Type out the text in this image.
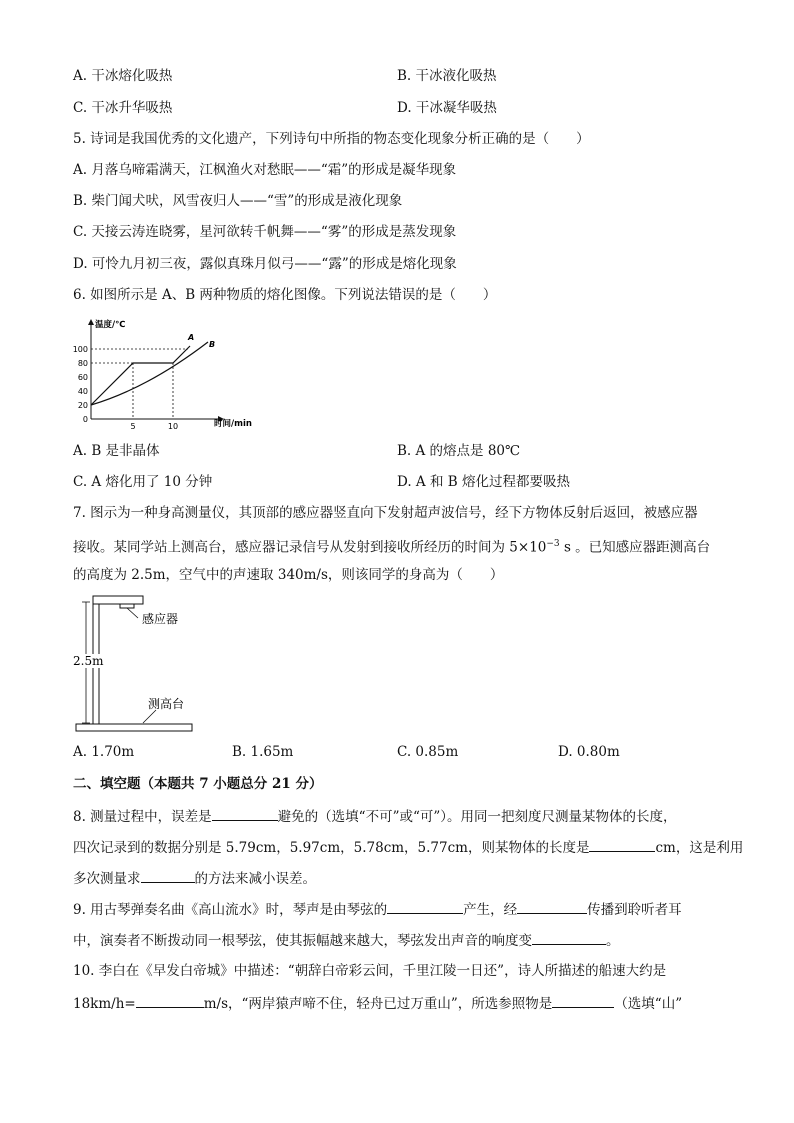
A. 干冰熔化吸热	B. 干冰液化吸热
C. 干冰升华吸热	D. 干冰凝华吸热
5. 诗词是我国优秀的文化遗产，下列诗句中所指的物态变化现象分析正确的是（　　）
A. 月落乌啼霜满天，江枫渔火对愁眠——“霜”的形成是凝华现象
B. 柴门闻犬吠，风雪夜归人——“雪”的形成是液化现象
C. 天接云涛连晓雾，星河欲转千帆舞——“雾”的形成是蒸发现象
D. 可怜九月初三夜，露似真珠月似弓——“露”的形成是熔化现象
6. 如图所示是 A、B 两种物质的熔化图像。下列说法错误的是（　　）
温度/℃
时间/min
A
B
100
80
60
40
20
0
5	10
A. B 是非晶体	B. A 的熔点是 80℃
C. A 熔化用了 10 分钟	D. A 和 B 熔化过程都要吸热
7. 图示为一种身高测量仪，其顶部的感应器竖直向下发射超声波信号，经下方物体反射后返回，被感应器
接收。某同学站上测高台，感应器记录信号从发射到接收所经历的时间为 $5\times 10^{-3}$ s 。已知感应器距测高台
的高度为 2.5m，空气中的声速取 340m/s，则该同学的身高为（　　）
2.5m
感应器
测高台
A. 1.70m	B. 1.65m	C. 0.85m	D. 0.80m
二、填空题（本题共 7 小题总分 21 分）
8. 测量过程中，误差是	避免的（选填“不可”或“可”）。用同一把刻度尺测量某物体的长度，
四次记录到的数据分别是 5.79cm，5.97cm，5.78cm，5.77cm，则某物体的长度是	cm，这是利用
多次测量求	的方法来减小误差。
9. 用古琴弹奏名曲《高山流水》时，琴声是由琴弦的	产生，经	传播到聆听者耳
中，演奏者不断拨动同一根琴弦，使其振幅越来越大，琴弦发出声音的响度变	。
10. 李白在《早发白帝城》中描述：“朝辞白帝彩云间，千里江陵一日还”，诗人所描述的船速大约是
18km/h=	m/s，“两岸猿声啼不住，轻舟已过万重山”，所选参照物是	（选填“山”
